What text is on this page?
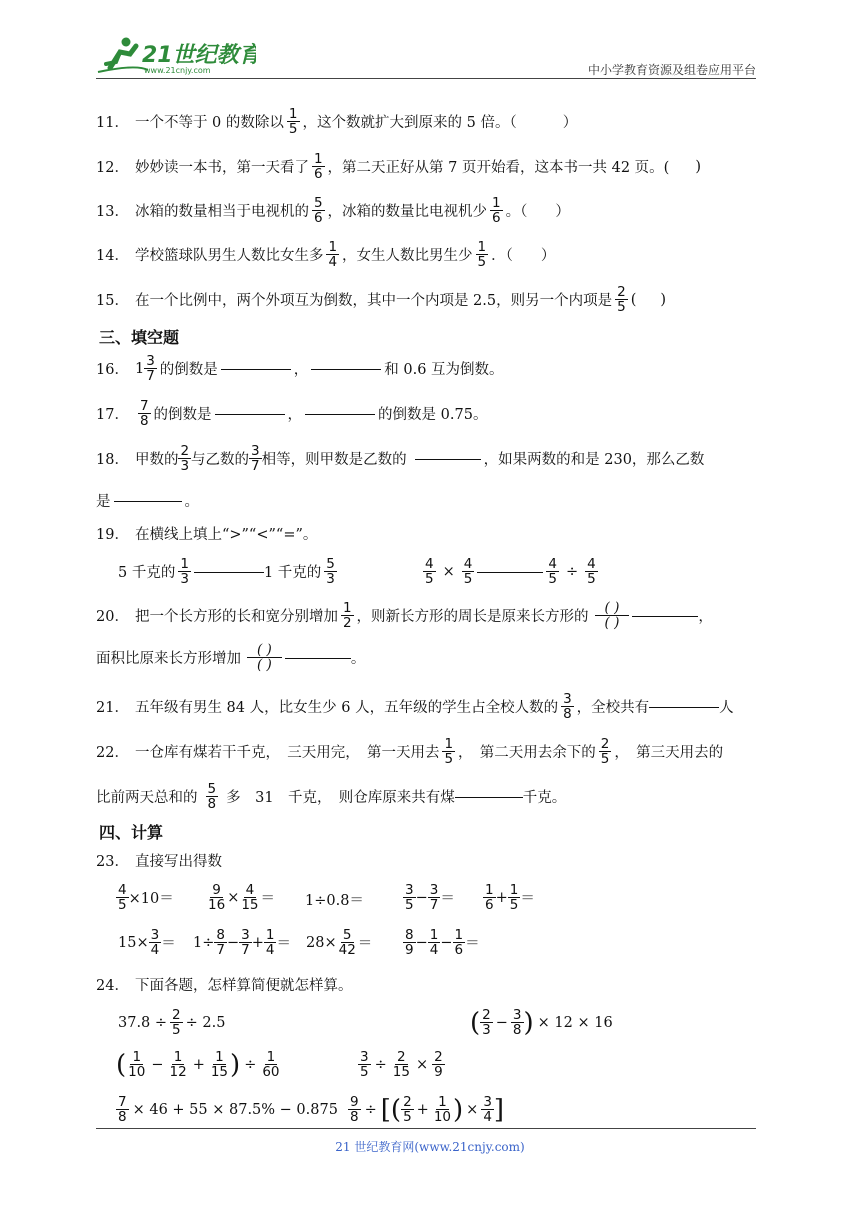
21世纪教育
www.21cnjy.com	中小学教育资源及组卷应用平台
11． 一个不等于 0 的数除以 $\frac{1}{5}$ ，这个数就扩大到原来的 5 倍。（	）
12． 妙妙读一本书，第一天看了 $\frac{1}{6}$ ，第二天正好从第 7 页开始看，这本书一共 42 页。( )
13． 冰箱的数量相当于电视机的 $\frac{5}{6}$ ，冰箱的数量比电视机少 $\frac{1}{6}$ 。（ ）
14． 学校篮球队男生人数比女生多 $\frac{1}{4}$ ，女生人数比男生少 $\frac{1}{5}$ ．（ ）
15． 在一个比例中，两个外项互为倒数，其中一个内项是 2.5，则另一个内项是 $\frac{2}{5}$ ( )
三、填空题
16． $1 \frac{3}{7}$ 的倒数是	，	和 0.6 互为倒数。
17． $\frac{7}{8}$ 的倒数是	，	的倒数是 0.75。
18． 甲数的 $\frac{2}{3}$ 与乙数的 $\frac{3}{7}$ 相等，则甲数是乙数的	，如果两数的和是 230，那么乙数
是	。
19． 在横线上填上“>”“<”“=”。
5 千克的 $\frac{1}{3}$	1 千克的 $\frac{5}{3}$	$\frac{4}{5} \times \frac{4}{5}$	$\frac{4}{5} \div \frac{4}{5}$
20． 把一个长方形的长和宽分别增加 $\frac{1}{2}$ ，则新长方形的周长是原来长方形的 $\frac{( )}{( )}$	，
面积比原来长方形增加 $\frac{( )}{( )}$	。
21． 五年级有男生 84 人，比女生少 6 人，五年级的学生占全校人数的 $\frac{3}{8}$ ，全校共有	人
22． 一仓库有煤若干千克，　三天用完，　第一天用去 $\frac{1}{5}$ ，　第二天用去余下的 $\frac{2}{5}$ ，　第三天用去的
比前两天总和的 $\frac{5}{8}$ 多　31　千克，　则仓库原来共有煤	千克。
四、计算
23． 直接写出得数
$\frac{4}{5} \times 10= \frac{9}{16} \times \frac{4}{15} = 1\div 0.8=$	$\frac{3}{5} - \frac{3}{7} = \frac{1}{6} + \frac{1}{5}$ ＝
$15\times \frac{3}{4} = 1\div \frac{8}{7} - \frac{3}{7} + \frac{1}{4} = 28\times \frac{5}{42} = \frac{8}{9} - \frac{1}{4} - \frac{1}{6}$ ＝
24． 下面各题，怎样算简便就怎样算。
$37.8 \div \frac{2}{5} \div 2.5$	( $\frac{2}{3} - \frac{3}{8}$ ) × 12 × 16
( $\frac{1}{10} - \frac{1}{12} + \frac{1}{15}$ ) ÷ $\frac{1}{60}$	$\frac{3}{5} \div \frac{2}{15} \times \frac{2}{9}$
$\frac{7}{8} \times 46 + 55 \times 87.5\% - 0.875 \frac{9}{8}$ ÷ [ ( $\frac{2}{5} + \frac{1}{10}$ ) × $\frac{3}{4}$ ]
21 世纪教育网(www.21cnjy.com)
